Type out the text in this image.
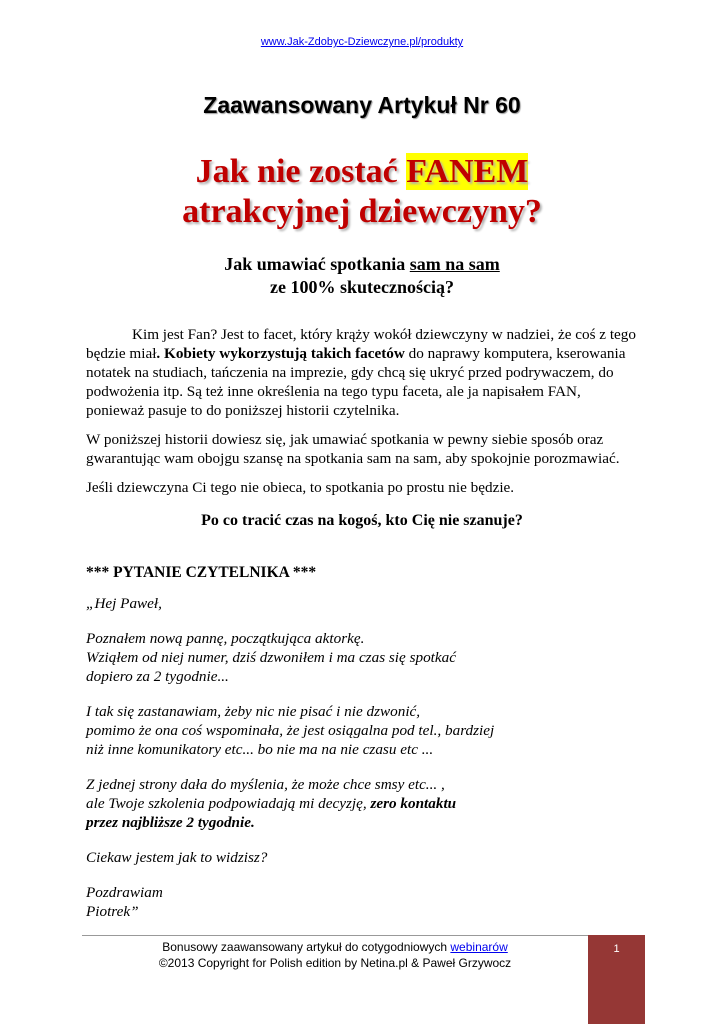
www.Jak-Zdobyc-Dziewczyne.pl/produkty
Zaawansowany Artykuł Nr 60
Jak nie zostać FANEM
atrakcyjnej dziewczyny?
Jak umawiać spotkania sam na sam
ze 100% skutecznością?

Kim jest Fan? Jest to facet, który krąży wokół dziewczyny w nadziei, że coś z tego będzie miał. Kobiety wykorzystują takich facetów do naprawy komputera, kserowania notatek na studiach, tańczenia na imprezie, gdy chcą się ukryć przed podrywaczem, do podwożenia itp. Są też inne określenia na tego typu faceta, ale ja napisałem FAN, ponieważ pasuje to do poniższej historii czytelnika.

W poniższej historii dowiesz się, jak umawiać spotkania w pewny siebie sposób oraz gwarantując wam obojgu szansę na spotkania sam na sam, aby spokojnie porozmawiać.

Jeśli dziewczyna Ci tego nie obieca, to spotkania po prostu nie będzie.

Po co tracić czas na kogoś, kto Cię nie szanuje?

*** PYTANIE CZYTELNIKA ***

„Hej Paweł,

Poznałem nową pannę, początkująca aktorkę.
Wziąłem od niej numer, dziś dzwoniłem i ma czas się spotkać
dopiero za 2 tygodnie...

I tak się zastanawiam, żeby nic nie pisać i nie dzwonić,
pomimo że ona coś wspominała, że jest osiągalna pod tel., bardziej
niż inne komunikatory etc... bo nie ma na nie czasu etc ...

Z jednej strony dała do myślenia, że może chce smsy etc... ,
ale Twoje szkolenia podpowiadają mi decyzję, zero kontaktu
przez najbliższe 2 tygodnie.

Ciekaw jestem jak to widzisz?

Pozdrawiam
Piotrek”

Bonusowy zaawansowany artykuł do cotygodniowych webinarów
©2013 Copyright for Polish edition by Netina.pl & Paweł Grzywocz
1
